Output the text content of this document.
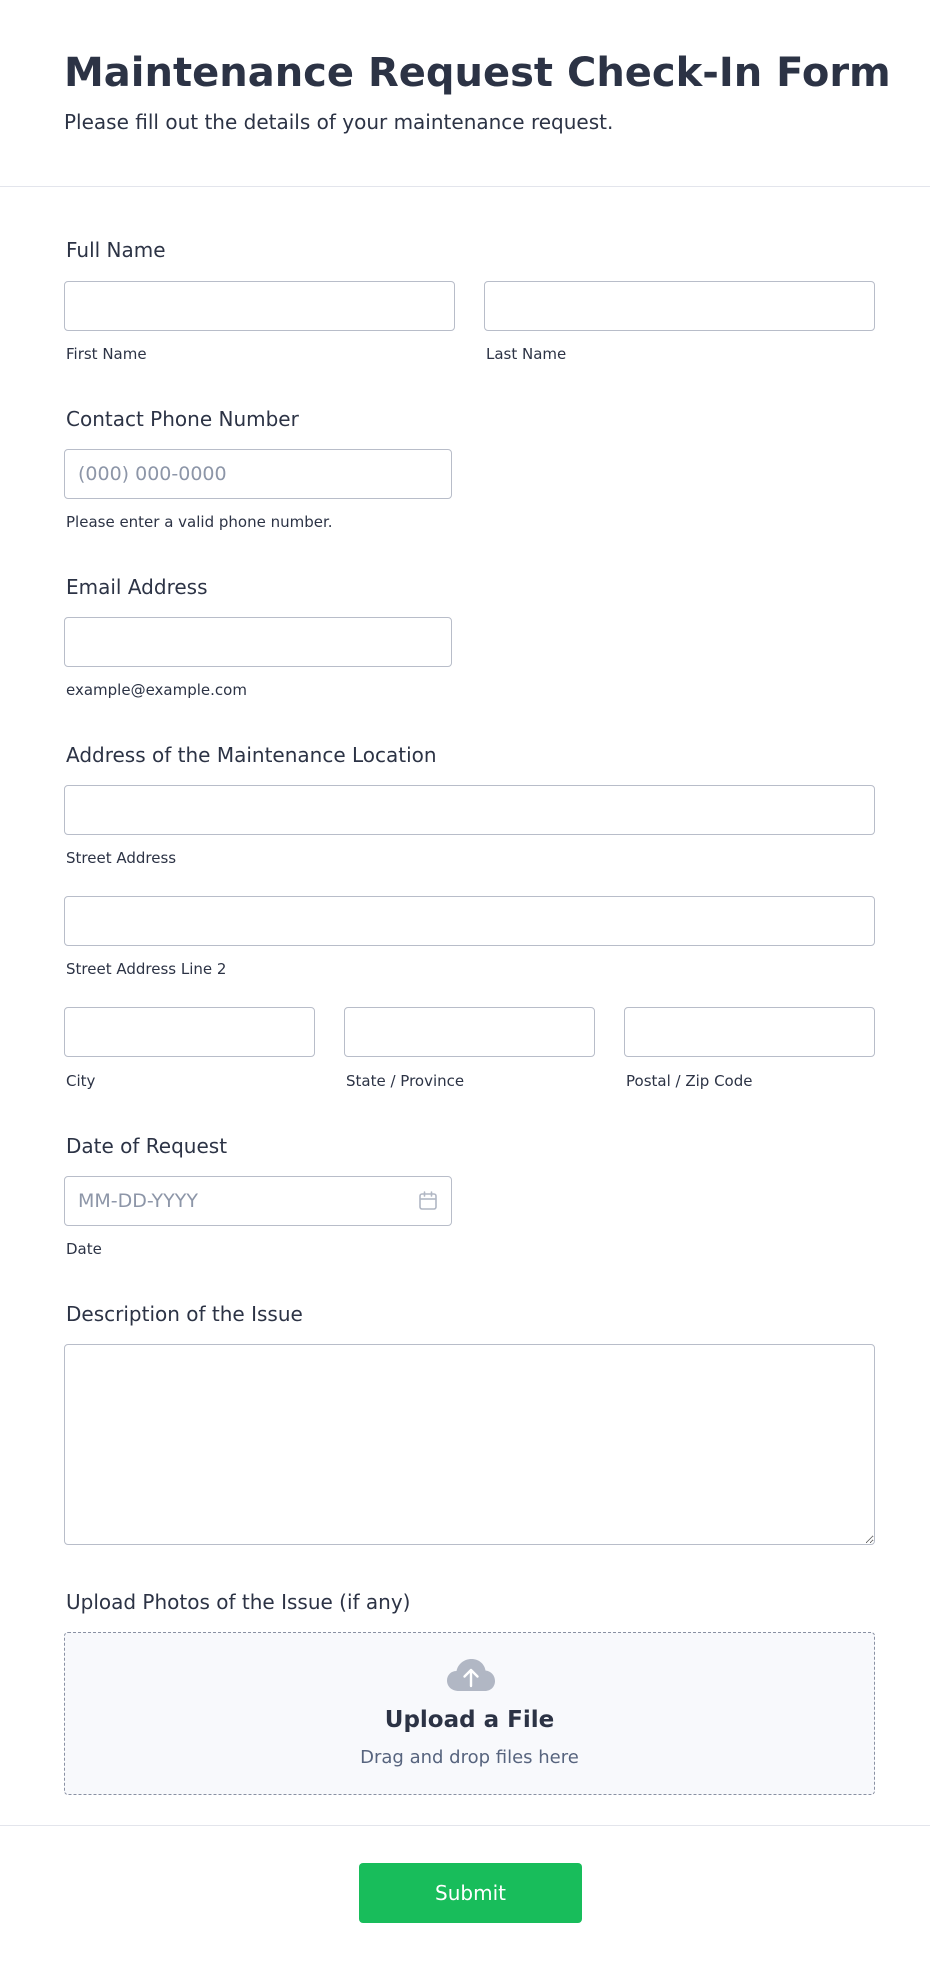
Maintenance Request Check-In Form

Please fill out the details of your maintenance request.

Full Name
First Name	Last Name
Contact Phone Number
(000) 000-0000
Please enter a valid phone number.
Email Address
example@example.com
Address of the Maintenance Location
Street Address
Street Address Line 2
City	State / Province	Postal / Zip Code
Date of Request
MM-DD-YYYY
Date
Description of the Issue
Upload Photos of the Issue (if any)
Upload a File
Drag and drop files here
Submit
